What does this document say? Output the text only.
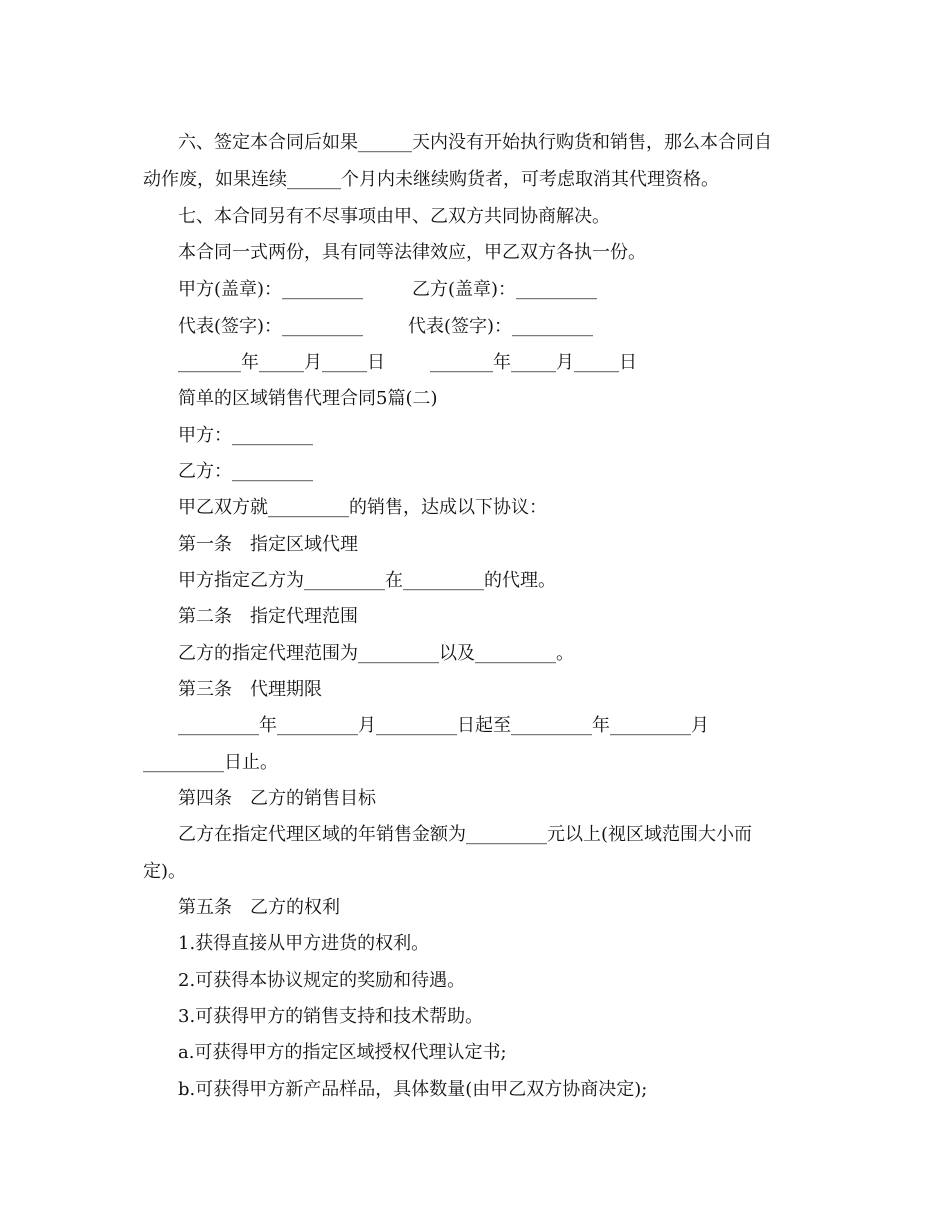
六、签定本合同后如果______天内没有开始执行购货和销售，那么本合同自
动作废，如果连续______个月内未继续购货者，可考虑取消其代理资格。
七、本合同另有不尽事项由甲、乙双方共同协商解决。
本合同一式两份，具有同等法律效应，甲乙双方各执一份。
甲方(盖章)：_________	乙方(盖章)：_________
代表(签字)：_________ 代表(签字)：_________
_______年_____月_____日	_______年_____月_____日
简单的区域销售代理合同5篇(二)
甲方：_________
乙方：_________
甲乙双方就_________的销售，达成以下协议：
第一条　指定区域代理
甲方指定乙方为_________在_________的代理。
第二条　指定代理范围
乙方的指定代理范围为_________以及_________。
第三条　代理期限
_________年_________月_________日起至_________年_________月
_________日止。
第四条　乙方的销售目标
乙方在指定代理区域的年销售金额为_________元以上(视区域范围大小而
定)。
第五条　乙方的权利
1.获得直接从甲方进货的权利。
2.可获得本协议规定的奖励和待遇。
3.可获得甲方的销售支持和技术帮助。
a.可获得甲方的指定区域授权代理认定书;
b.可获得甲方新产品样品，具体数量(由甲乙双方协商决定);
